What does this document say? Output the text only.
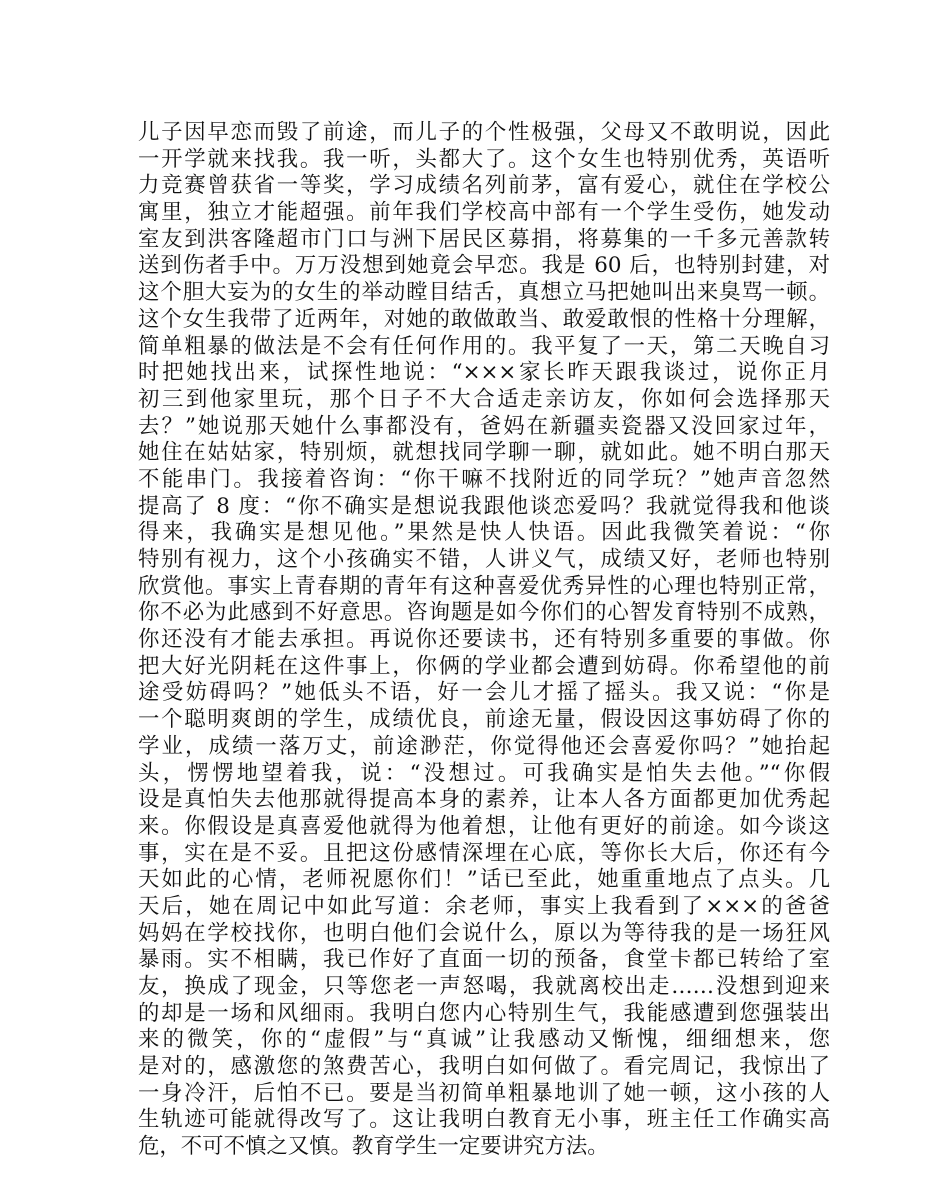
儿子因早恋而毁了前途，而儿子的个性极强，父母又不敢明说，因此
一开学就来找我。我一听，头都大了。这个女生也特别优秀，英语听
力竞赛曾获省一等奖，学习成绩名列前茅，富有爱心，就住在学校公
寓里，独立才能超强。前年我们学校高中部有一个学生受伤，她发动
室友到洪客隆超市门口与洲下居民区募捐，将募集的一千多元善款转
送到伤者手中。万万没想到她竟会早恋。我是 60 后，也特别封建，对
这个胆大妄为的女生的举动瞠目结舌，真想立马把她叫出来臭骂一顿。
这个女生我带了近两年，对她的敢做敢当、敢爱敢恨的性格十分理解，
简单粗暴的做法是不会有任何作用的。我平复了一天，第二天晚自习
时把她找出来，试探性地说：“×××家长昨天跟我谈过，说你正月
初三到他家里玩，那个日子不大合适走亲访友，你如何会选择那天
去？”她说那天她什么事都没有，爸妈在新疆卖瓷器又没回家过年，
她住在姑姑家，特别烦，就想找同学聊一聊，就如此。她不明白那天
不能串门。我接着咨询：“你干嘛不找附近的同学玩？”她声音忽然
提高了 8 度：“你不确实是想说我跟他谈恋爱吗？我就觉得我和他谈
得来，我确实是想见他。”果然是快人快语。因此我微笑着说：“你
特别有视力，这个小孩确实不错，人讲义气，成绩又好，老师也特别
欣赏他。事实上青春期的青年有这种喜爱优秀异性的心理也特别正常，
你不必为此感到不好意思。咨询题是如今你们的心智发育特别不成熟，
你还没有才能去承担。再说你还要读书，还有特别多重要的事做。你
把大好光阴耗在这件事上，你俩的学业都会遭到妨碍。你希望他的前
途受妨碍吗？”她低头不语，好一会儿才摇了摇头。我又说：“你是
一个聪明爽朗的学生，成绩优良，前途无量，假设因这事妨碍了你的
学业，成绩一落万丈，前途渺茫，你觉得他还会喜爱你吗？”她抬起
头，愣愣地望着我，说：“没想过。可我确实是怕失去他。”“你假
设是真怕失去他那就得提高本身的素养，让本人各方面都更加优秀起
来。你假设是真喜爱他就得为他着想，让他有更好的前途。如今谈这
事，实在是不妥。且把这份感情深埋在心底，等你长大后，你还有今
天如此的心情，老师祝愿你们！”话已至此，她重重地点了点头。几
天后，她在周记中如此写道：余老师，事实上我看到了×××的爸爸
妈妈在学校找你，也明白他们会说什么，原以为等待我的是一场狂风
暴雨。实不相瞒，我已作好了直面一切的预备，食堂卡都已转给了室
友，换成了现金，只等您老一声怒喝，我就离校出走……没想到迎来
的却是一场和风细雨。我明白您内心特别生气，我能感遭到您强装出
来的微笑，你的“虚假”与“真诚”让我感动又惭愧，细细想来，您
是对的，感激您的煞费苦心，我明白如何做了。看完周记，我惊出了
一身冷汗，后怕不已。要是当初简单粗暴地训了她一顿，这小孩的人
生轨迹可能就得改写了。这让我明白教育无小事，班主任工作确实高
危，不可不慎之又慎。教育学生一定要讲究方法。
